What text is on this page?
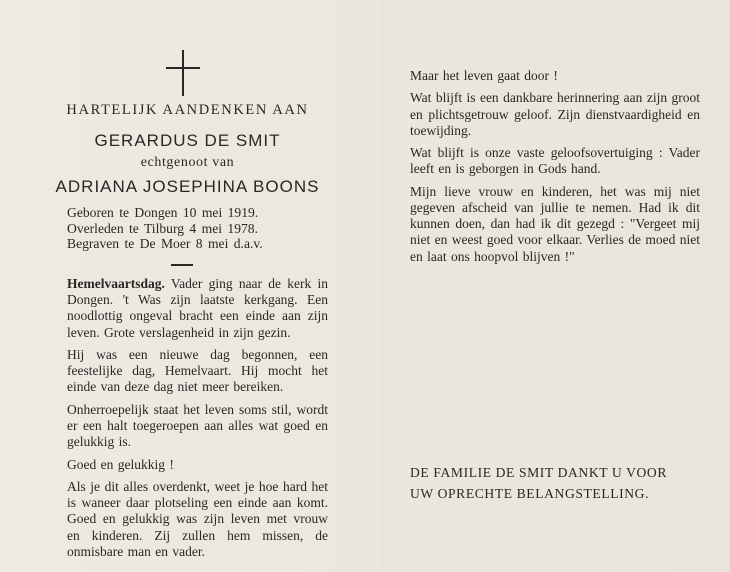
HARTELIJK AANDENKEN AAN

GERARDUS DE SMIT

echtgenoot van

ADRIANA JOSEPHINA BOONS

Geboren te Dongen 10 mei 1919.
Overleden te Tilburg 4 mei 1978.
Begraven te De Moer 8 mei d.a.v.

Hemelvaartsdag. Vader ging naar de kerk in Dongen. 't Was zijn laatste kerkgang. Een noodlottig ongeval bracht een einde aan zijn leven. Grote verslagenheid in zijn gezin.

Hij was een nieuwe dag begonnen, een feestelijke dag, Hemelvaart. Hij mocht het einde van deze dag niet meer bereiken.

Onherroepelijk staat het leven soms stil, wordt er een halt toegeroepen aan alles wat goed en gelukkig is.

Goed en gelukkig !

Als je dit alles overdenkt, weet je hoe hard het is waneer daar plotseling een einde aan komt. Goed en gelukkig was zijn leven met vrouw en kinderen. Zij zullen hem missen, de onmisbare man en vader.

Maar het leven gaat door !

Wat blijft is een dankbare herinnering aan zijn groot en plichtsgetrouw geloof. Zijn dienstvaardigheid en toewijding.

Wat blijft is onze vaste geloofsovertuiging : Vader leeft en is geborgen in Gods hand.

Mijn lieve vrouw en kinderen, het was mij niet gegeven afscheid van jullie te nemen. Had ik dit kunnen doen, dan had ik dit gezegd : "Vergeet mij niet en weest goed voor elkaar. Verlies de moed niet en laat ons hoopvol blijven !"

DE FAMILIE DE SMIT DANKT U VOOR
UW OPRECHTE BELANGSTELLING.
